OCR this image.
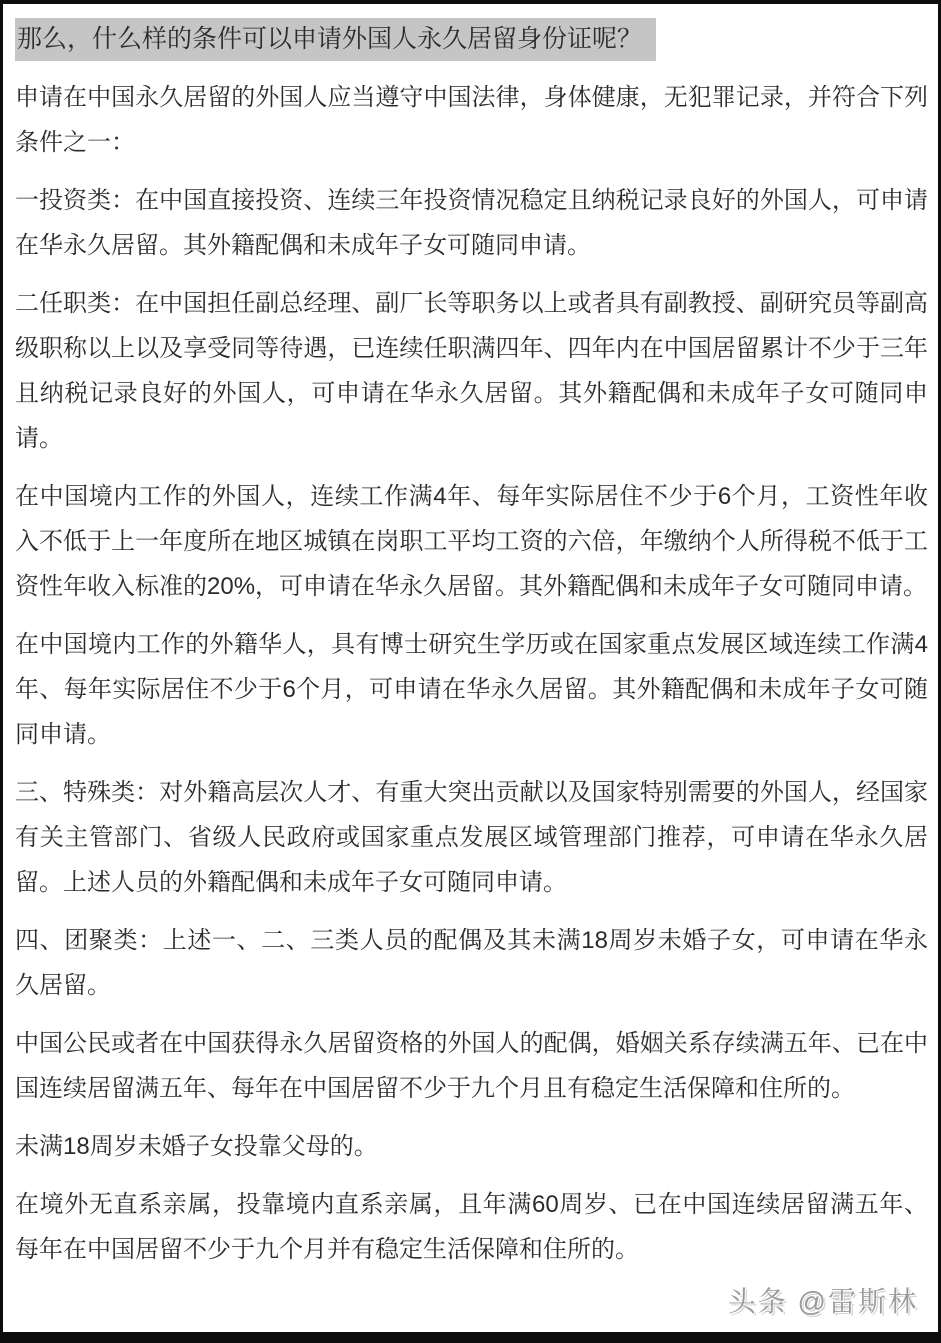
那么，什么样的条件可以申请外国人永久居留身份证呢？

申请在中国永久居留的外国人应当遵守中国法律，身体健康，无犯罪记录，并符合下列条件之一：

一投资类：在中国直接投资、连续三年投资情况稳定且纳税记录良好的外国人，可申请在华永久居留。其外籍配偶和未成年子女可随同申请。

二任职类：在中国担任副总经理、副厂长等职务以上或者具有副教授、副研究员等副高级职称以上以及享受同等待遇，已连续任职满四年、四年内在中国居留累计不少于三年且纳税记录良好的外国人，可申请在华永久居留。其外籍配偶和未成年子女可随同申请。

在中国境内工作的外国人，连续工作满4年、每年实际居住不少于6个月，工资性年收入不低于上一年度所在地区城镇在岗职工平均工资的六倍，年缴纳个人所得税不低于工资性年收入标准的20%，可申请在华永久居留。其外籍配偶和未成年子女可随同申请。

在中国境内工作的外籍华人，具有博士研究生学历或在国家重点发展区域连续工作满4年、每年实际居住不少于6个月，可申请在华永久居留。其外籍配偶和未成年子女可随同申请。

三、特殊类：对外籍高层次人才、有重大突出贡献以及国家特别需要的外国人，经国家有关主管部门、省级人民政府或国家重点发展区域管理部门推荐，可申请在华永久居留。上述人员的外籍配偶和未成年子女可随同申请。

四、团聚类：上述一、二、三类人员的配偶及其未满18周岁未婚子女，可申请在华永久居留。

中国公民或者在中国获得永久居留资格的外国人的配偶，婚姻关系存续满五年、已在中国连续居留满五年、每年在中国居留不少于九个月且有稳定生活保障和住所的。

未满18周岁未婚子女投靠父母的。

在境外无直系亲属，投靠境内直系亲属，且年满60周岁、已在中国连续居留满五年、每年在中国居留不少于九个月并有稳定生活保障和住所的。

头条 @雷斯林
